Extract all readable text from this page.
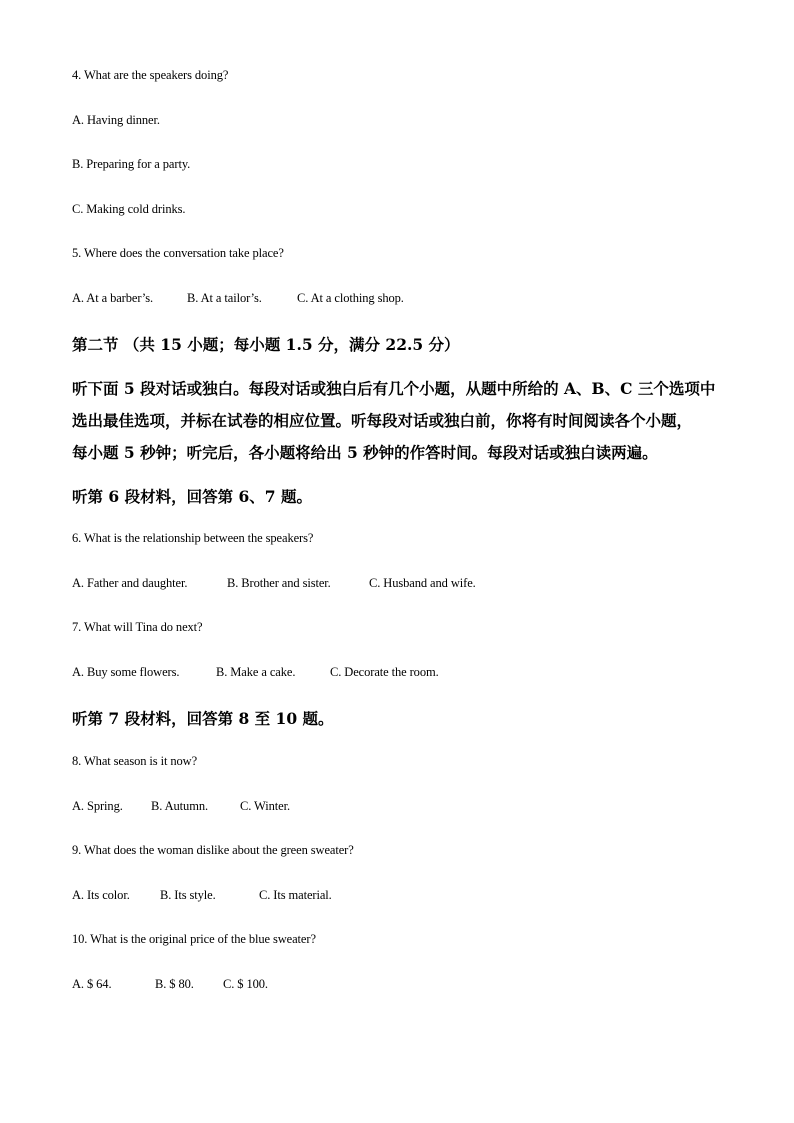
4. What are the speakers doing?
A. Having dinner.
B. Preparing for a party.
C. Making cold drinks.
5. Where does the conversation take place?
A. At a barber’s.	B. At a tailor’s.	C. At a clothing shop.
第二节 （共 15 小题；每小题 1.5 分，满分 22.5 分）
听下面 5 段对话或独白。每段对话或独白后有几个小题，从题中所给的 A、B、C 三个选项中
选出最佳选项，并标在试卷的相应位置。听每段对话或独白前，你将有时间阅读各个小题，
每小题 5 秒钟；听完后，各小题将给出 5 秒钟的作答时间。每段对话或独白读两遍。
听第 6 段材料，回答第 6、7 题。
6. What is the relationship between the speakers?
A. Father and daughter.	B. Brother and sister.	C. Husband and wife.
7. What will Tina do next?
A. Buy some flowers.	B. Make a cake.	C. Decorate the room.
听第 7 段材料，回答第 8 至 10 题。
8. What season is it now?
A. Spring. B. Autumn.	C. Winter.
9. What does the woman dislike about the green sweater?
A. Its color. B. Its style.	C. Its material.
10. What is the original price of the blue sweater?
A. $ 64.	B. $ 80. C. $ 100.
